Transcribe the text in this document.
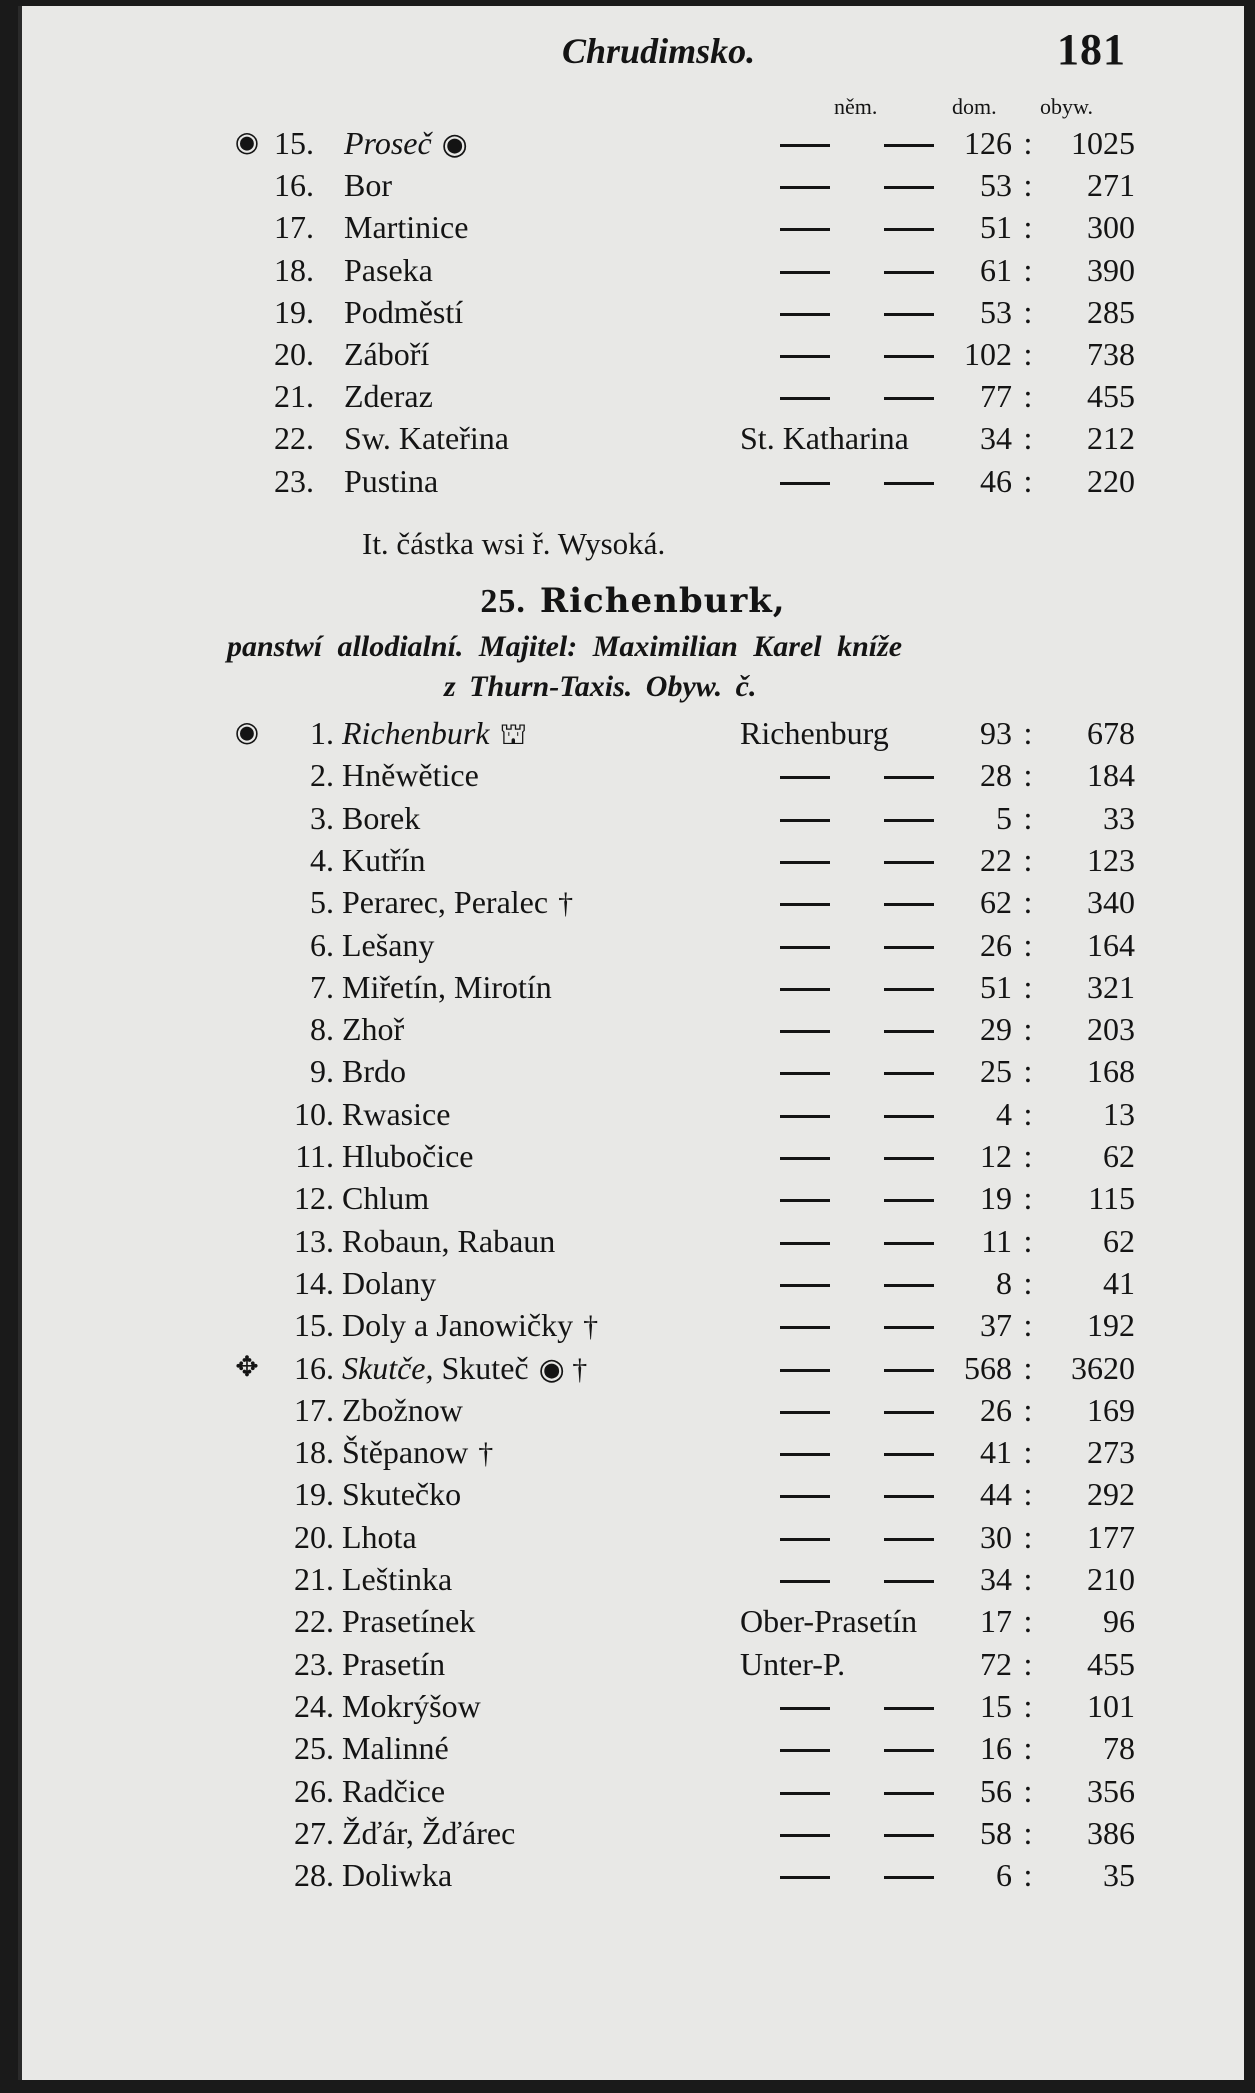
Chrudimsko.	181
něm.	dom. obyw.
◉ 15. Proseč ◉	126 :	1025
16. Bor	53 :	271
17. Martinice	51 :	300
18. Paseka	61 :	390
19. Podměstí	53 :	285
20. Záboří	102 :	738
21. Zderaz	77 :	455
22. Sw. Kateřina	St. Katharina	34 :	212
23. Pustina	46 :	220
It. částka wsi ř. Wysoká.
25. Richenburk,
panstwí allodialní. Majitel: Maximilian Karel kníže
z Thurn-Taxis. Obyw. č.
◉	1. Richenburk ⛫	Richenburg	93 :	678
2. Hněwětice	28 :	184
3. Borek	5 :	33
4. Kutřín	22 :	123
5. Perarec, Peralec †	62 :	340
6. Lešany	26 :	164
7. Miřetín, Mirotín	51 :	321
8. Zhoř	29 :	203
9. Brdo	25 :	168
10. Rwasice	4 :	13
11. Hlubočice	12 :	62
12. Chlum	19 :	115
13. Robaun, Rabaun	11 :	62
14. Dolany	8 :	41
15. Doly a Janowičky †	37 :	192
✥	16. Skutče, Skuteč ◉ †	568 :	3620
17. Zbožnow	26 :	169
18. Štěpanow †	41 :	273
19. Skutečko	44 :	292
20. Lhota	30 :	177
21. Leštinka	34 :	210
22. Prasetínek	Ober-Prasetín	17 :	96
23. Prasetín	Unter-P.	72 :	455
24. Mokrýšow	15 :	101
25. Malinné	16 :	78
26. Radčice	56 :	356
27. Žďár, Žďárec	58 :	386
28. Doliwka	6 :	35
